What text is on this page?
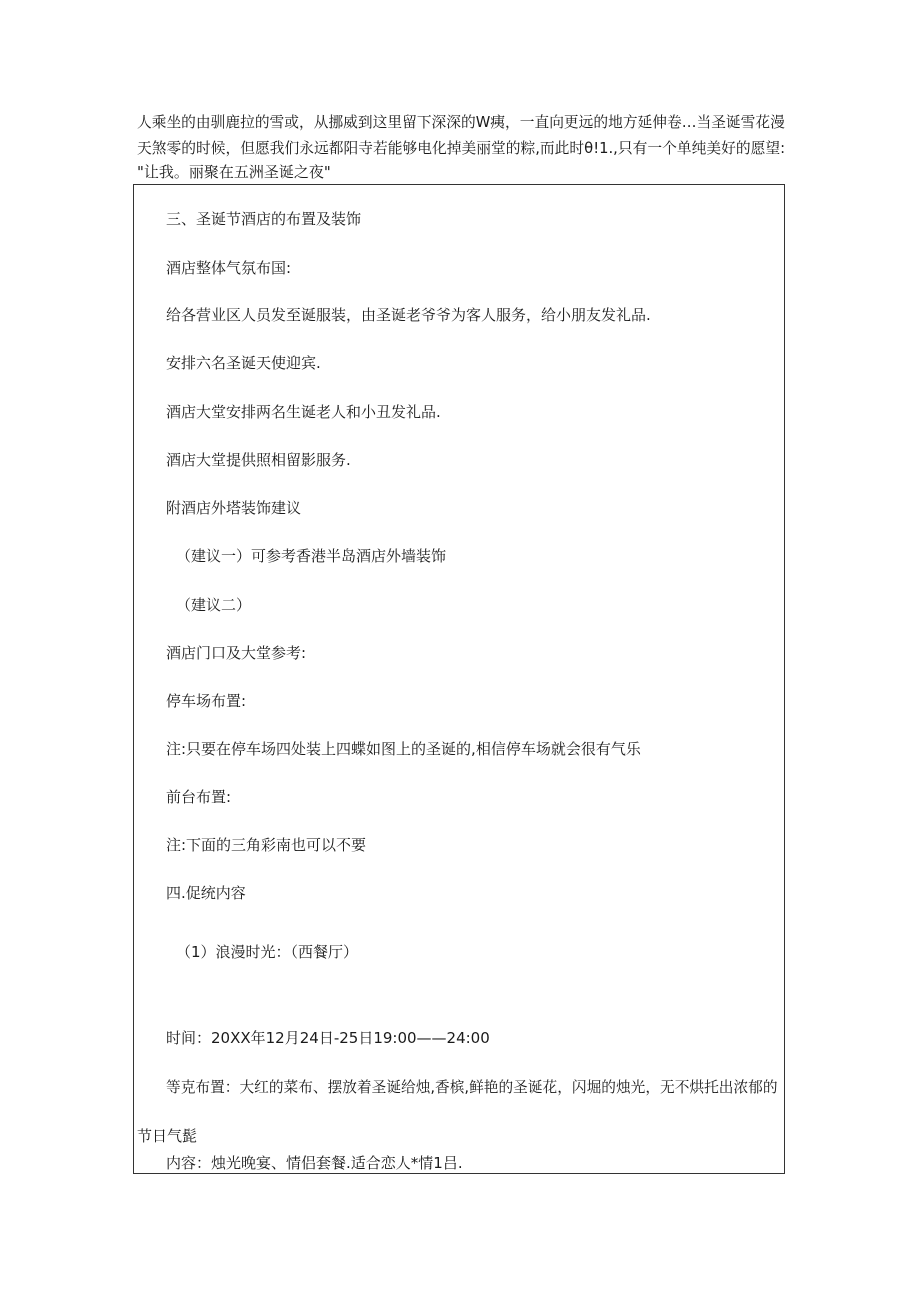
人乘坐的由驯鹿拉的雪或，从挪威到这里留下深深的W痍，一直向更远的地方延伸卷…当圣诞雪花漫
天煞零的时候，但愿我们永远都阳寺若能够电化掉美丽堂的粽,而此时θ!1.,只有一个单纯美好的愿望:
"让我。丽聚在五洲圣诞之夜"
三、圣诞节酒店的布置及装饰
酒店整体气氛布国:
给各营业区人员发至诞服装，由圣诞老爷爷为客人服务，给小朋友发礼品.
安排六名圣诞天使迎宾.
酒店大堂安排两名生诞老人和小丑发礼品.
酒店大堂提供照相留影服务.
附酒店外塔装饰建议
（建议一）可参考香港半岛酒店外墙装饰
（建议二）
酒店门口及大堂参考:
停车场布置:
注:只要在停车场四处装上四蝶如图上的圣诞的,相信停车场就会很有气乐
前台布置:
注:下面的三角彩南也可以不要
四.促统内容
（1）浪漫时光：（西餐厅）
时间：20XX年12月24日-25日19:00——24:00
等克布置：大红的菜布、摆放着圣诞给烛,香槟,鲜艳的圣诞花，闪堀的烛光，无不烘托出浓郁的
节日气髭
内容：烛光晚宴、情侣套餐.适合恋人*情1吕.
